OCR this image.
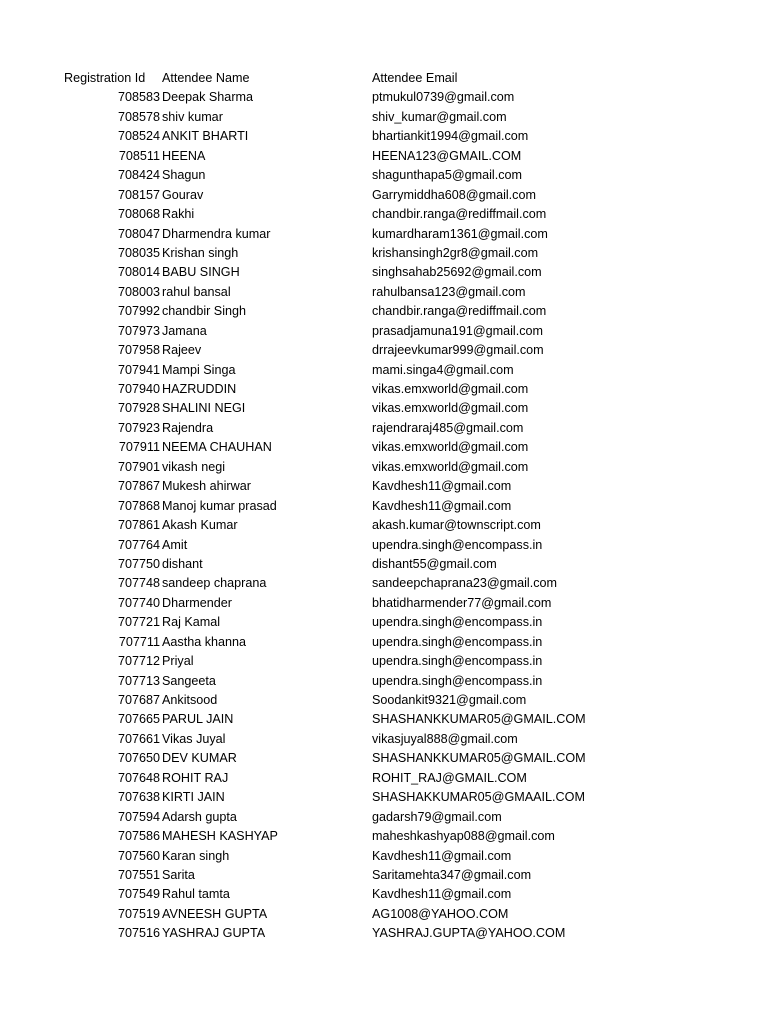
Registration Id Attendee Name	Attendee Email
708583 Deepak Sharma	ptmukul0739@gmail.com
708578 shiv kumar	shiv_kumar@gmail.com
708524 ANKIT BHARTI	bhartiankit1994@gmail.com
708511 HEENA	HEENA123@GMAIL.COM
708424 Shagun	shagunthapa5@gmail.com
708157 Gourav	Garrymiddha608@gmail.com
708068 Rakhi	chandbir.ranga@rediffmail.com
708047 Dharmendra kumar	kumardharam1361@gmail.com
708035 Krishan singh	krishansingh2gr8@gmail.com
708014 BABU SINGH	singhsahab25692@gmail.com
708003 rahul bansal	rahulbansa123@gmail.com
707992 chandbir Singh	chandbir.ranga@rediffmail.com
707973 Jamana	prasadjamuna191@gmail.com
707958 Rajeev	drrajeevkumar999@gmail.com
707941 Mampi Singa	mami.singa4@gmail.com
707940 HAZRUDDIN	vikas.emxworld@gmail.com
707928 SHALINI NEGI	vikas.emxworld@gmail.com
707923 Rajendra	rajendraraj485@gmail.com
707911 NEEMA CHAUHAN	vikas.emxworld@gmail.com
707901 vikash negi	vikas.emxworld@gmail.com
707867 Mukesh ahirwar	Kavdhesh11@gmail.com
707868 Manoj kumar prasad	Kavdhesh11@gmail.com
707861 Akash Kumar	akash.kumar@townscript.com
707764 Amit	upendra.singh@encompass.in
707750 dishant	dishant55@gmail.com
707748 sandeep chaprana	sandeepchaprana23@gmail.com
707740 Dharmender	bhatidharmender77@gmail.com
707721 Raj Kamal	upendra.singh@encompass.in
707711 Aastha khanna	upendra.singh@encompass.in
707712 Priyal	upendra.singh@encompass.in
707713 Sangeeta	upendra.singh@encompass.in
707687 Ankitsood	Soodankit9321@gmail.com
707665 PARUL JAIN	SHASHANKKUMAR05@GMAIL.COM
707661 Vikas Juyal	vikasjuyal888@gmail.com
707650 DEV KUMAR	SHASHANKKUMAR05@GMAIL.COM
707648 ROHIT RAJ	ROHIT_RAJ@GMAIL.COM
707638 KIRTI JAIN	SHASHAKKUMAR05@GMAAIL.COM
707594 Adarsh gupta	gadarsh79@gmail.com
707586 MAHESH KASHYAP	maheshkashyap088@gmail.com
707560 Karan singh	Kavdhesh11@gmail.com
707551 Sarita	Saritamehta347@gmail.com
707549 Rahul tamta	Kavdhesh11@gmail.com
707519 AVNEESH GUPTA	AG1008@YAHOO.COM
707516 YASHRAJ GUPTA	YASHRAJ.GUPTA@YAHOO.COM
